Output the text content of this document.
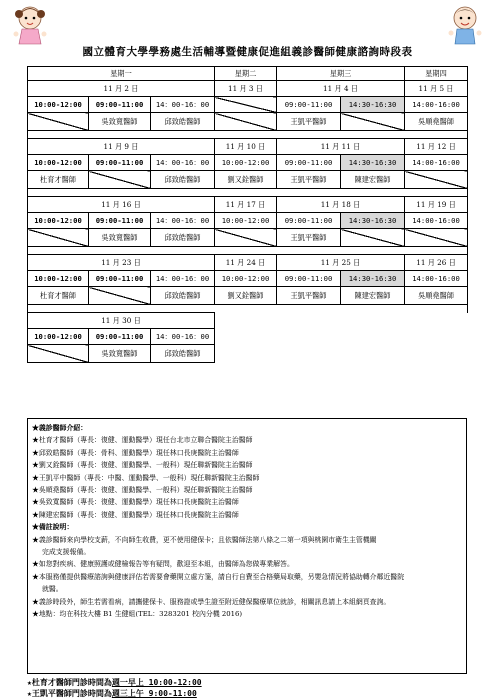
國立體育大學學務處生活輔導暨健康促進組義診醫師健康諮詢時段表
星期一			星期二	星期三		星期四
11 月 2 日			11 月 3 日	11 月 4 日		11 月 5 日
10:00-12:00	09:00-11:00	14：00-16：00		09:00-11:00	14:30-16:30	14:00-16:00
	吳致寬醫師	邱致皓醫師		王凱平醫師		吳順堯醫師

11 月 9 日			11 月 10 日	11 月 11 日		11 月 12 日
10:00-12:00	09:00-11:00	14：00-16：00	10:00-12:00	09:00-11:00	14:30-16:30	14:00-16:00
杜育才醫師		邱致皓醫師	劉又銓醫師	王凱平醫師	陳建宏醫師	

11 月 16 日			11 月 17 日	11 月 18 日		11 月 19 日
10:00-12:00	09:00-11:00	14：00-16：00	10:00-12:00	09:00-11:00	14:30-16:30	14:00-16:00
	吳致寬醫師	邱致皓醫師		王凱平醫師		

11 月 23 日			11 月 24 日	11 月 25 日		11 月 26 日
10:00-12:00	09:00-11:00	14：00-16：00	10:00-12:00	09:00-11:00	14:30-16:30	14:00-16:00
杜育才醫師		邱致皓醫師	劉又銓醫師	王凱平醫師	陳建宏醫師	吳順堯醫師

11 月 30 日						
10:00-12:00	09:00-11:00	14：00-16：00				
	吳致寬醫師	邱致皓醫師				
★義診醫師介紹：
★杜育才醫師（專長：復健、運動醫學）現任台北市立聯合醫院主治醫師
★邱致皓醫師（專長：骨科、運動醫學）現任林口長庚醫院主治醫師
★劉又銓醫師（專長：復健、運動醫學、一般科）現任聯新醫院主治醫師
★王凱平中醫師（專長：中醫、運動醫學、一般科）現任聯新醫院主治醫師
★吳順堯醫師（專長：復健、運動醫學、一般科）現任聯新醫院主治醫師
★吳致寬醫師（專長：復健、運動醫學）現任林口長庚醫院主治醫師
★陳建宏醫師（專長：復健、運動醫學）現任林口長庚醫院主治醫師
★備註說明：
★義診醫師來向學校支薪，不向師生收費，更不使用健保卡；且依醫師法第八條之二第一項與桃園市衛生主管機關
完成支援報備。
★如您對疾病、健康照護或健檢報告等有疑問，歡迎至本組，由醫師為您做專業解答。
★本服務僅提供醫療諮詢與健康評估若需要會藥開立處方箋，請自行自費至合格藥局取藥，另嬰急情況將協助轉介鄰近醫院
就醫。
★義診時段外，師生若需看病，請攜健保卡、服務證或學生證至附近健保醫療單位就診，相關訊息請上本組網頁查詢。
★地點：均在科技大樓 B1 生健組(TEL：3283201 校內分機 2016)
★杜育才醫師門診時間為週一早上 10:00-12:00
★王凱平醫師門診時間為週三上午 9:00-11:00
